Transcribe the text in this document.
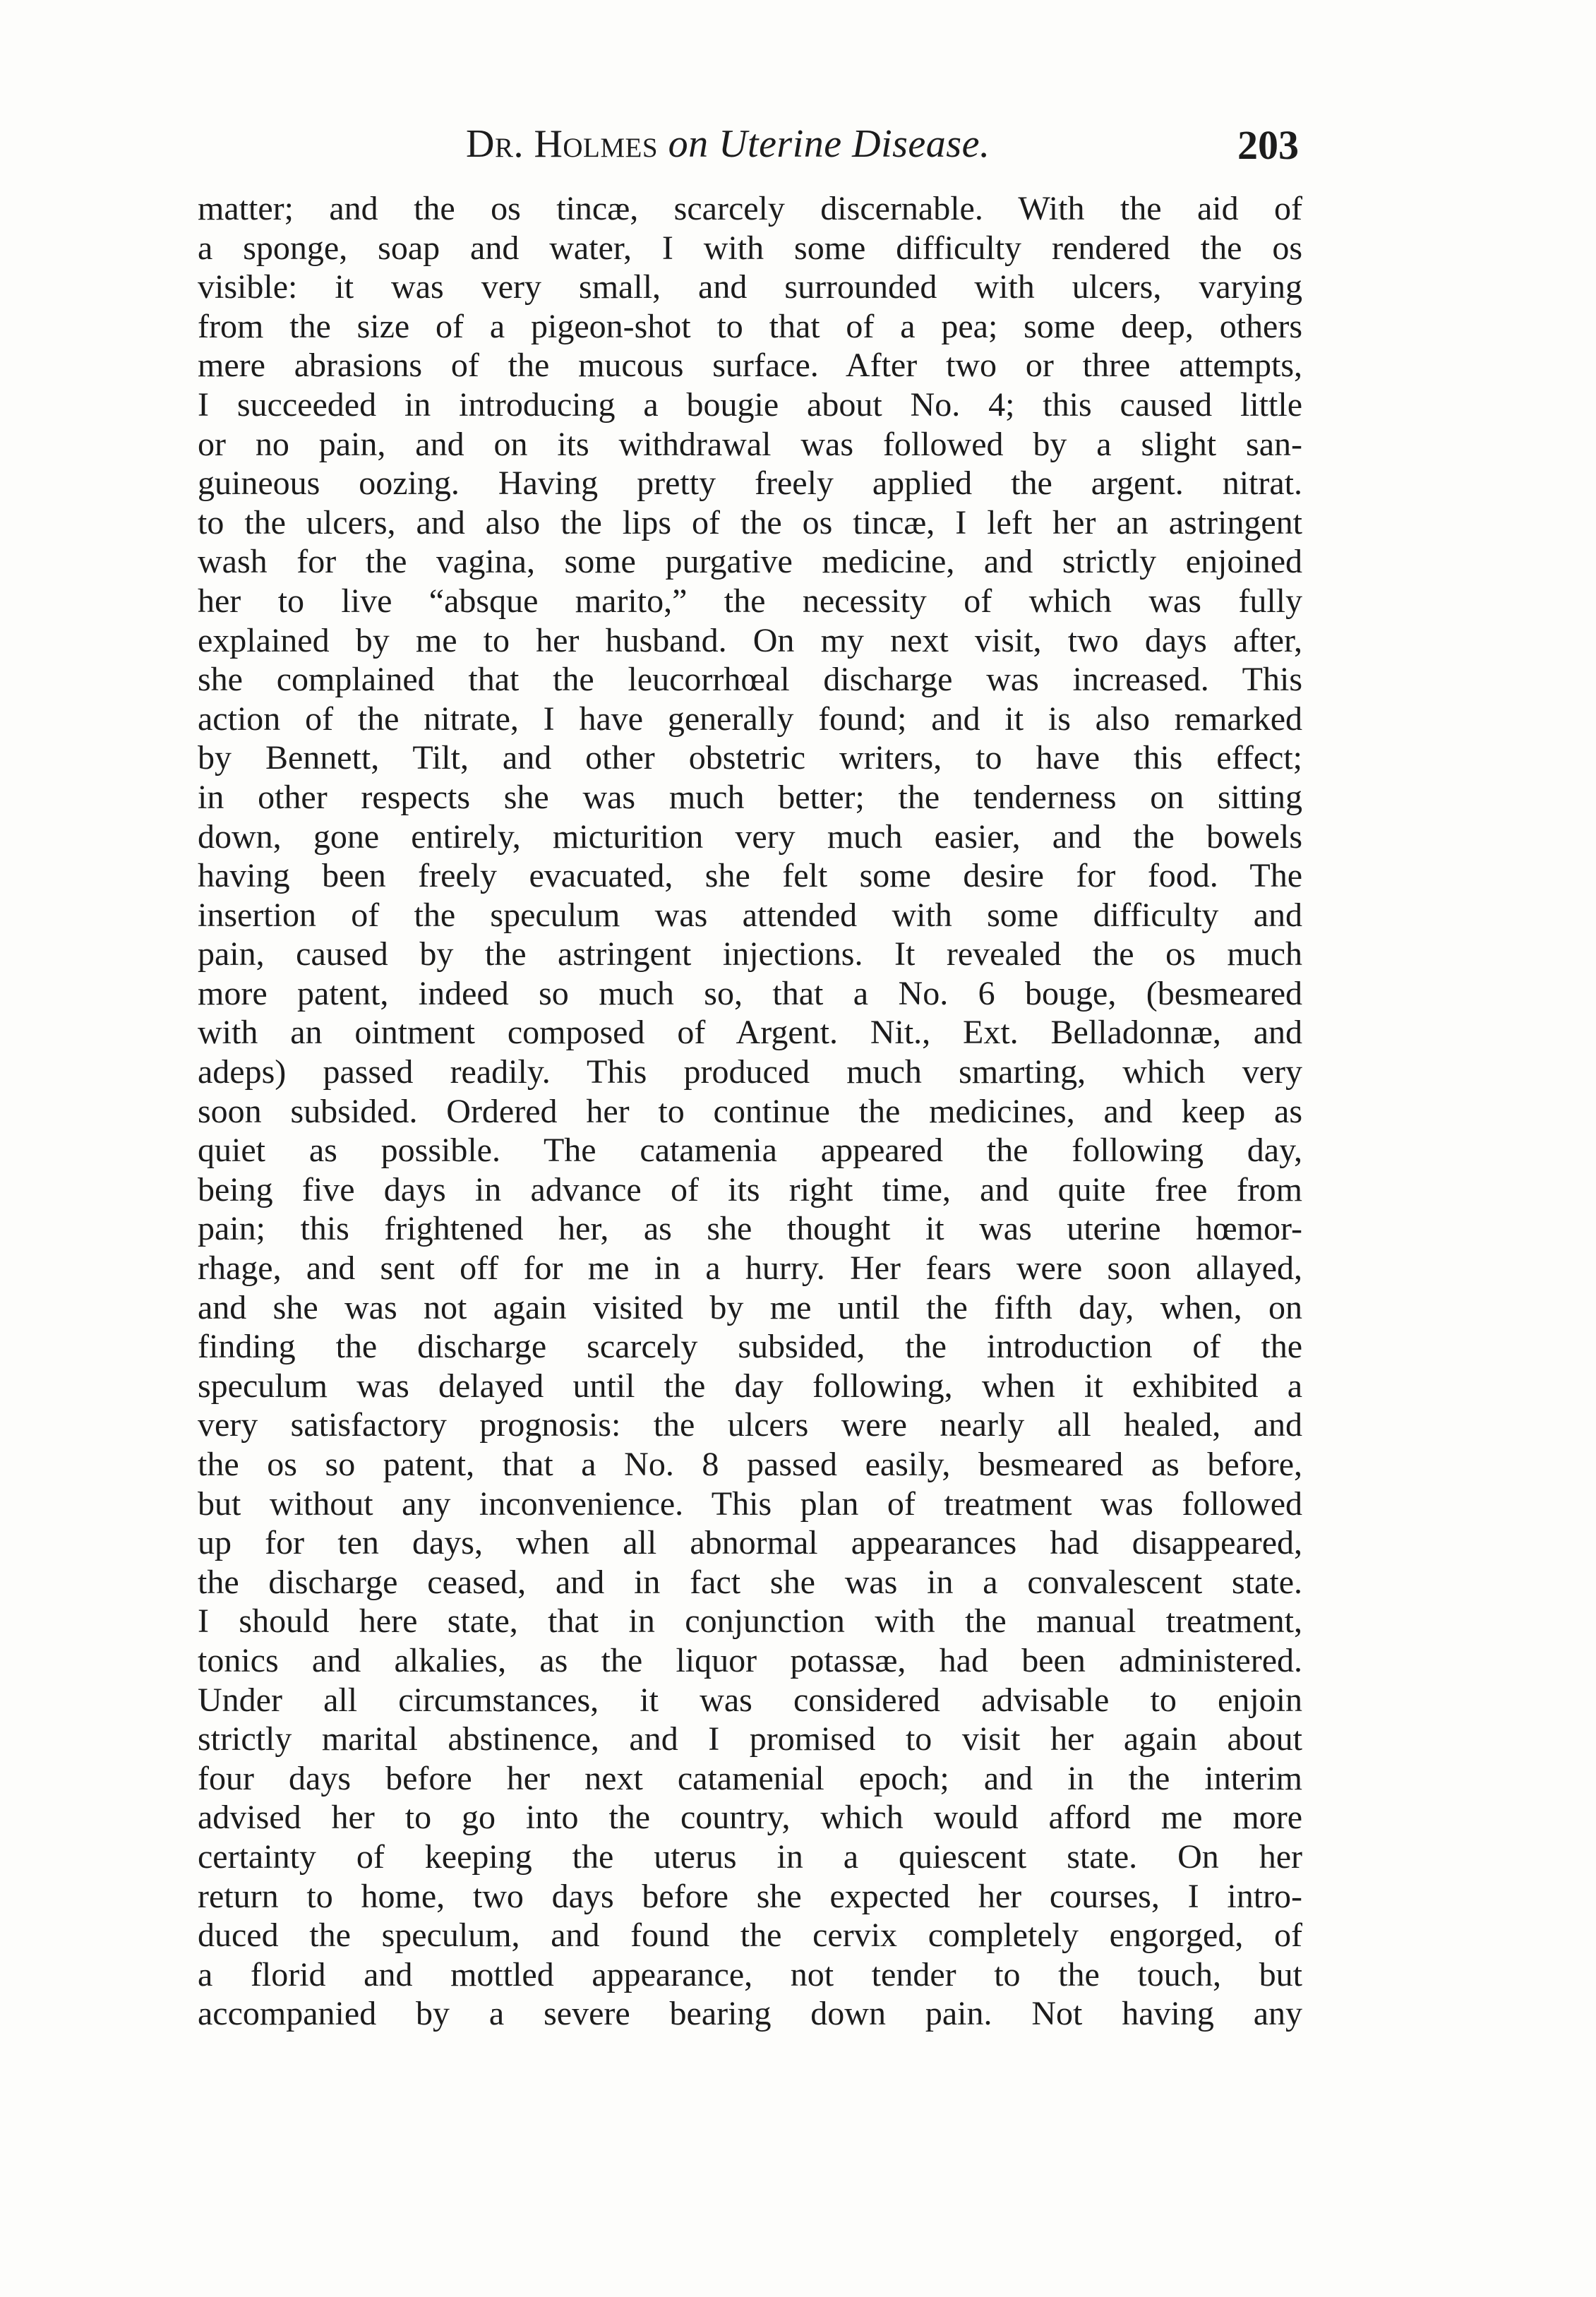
Dr. Holmes on Uterine Disease.	203
matter; and the os tincæ, scarcely discernable. With the aid of
a sponge, soap and water, I with some difficulty rendered the os
visible: it was very small, and surrounded with ulcers, varying
from the size of a pigeon-shot to that of a pea; some deep, others
mere abrasions of the mucous surface. After two or three attempts,
I succeeded in introducing a bougie about No. 4; this caused little
or no pain, and on its withdrawal was followed by a slight san-
guineous oozing. Having pretty freely applied the argent. nitrat.
to the ulcers, and also the lips of the os tincæ, I left her an astringent
wash for the vagina, some purgative medicine, and strictly enjoined
her to live “absque marito,” the necessity of which was fully
explained by me to her husband. On my next visit, two days after,
she complained that the leucorrhœal discharge was increased. This
action of the nitrate, I have generally found; and it is also remarked
by Bennett, Tilt, and other obstetric writers, to have this effect;
in other respects she was much better; the tenderness on sitting
down, gone entirely, micturition very much easier, and the bowels
having been freely evacuated, she felt some desire for food. The
insertion of the speculum was attended with some difficulty and
pain, caused by the astringent injections. It revealed the os much
more patent, indeed so much so, that a No. 6 bouge, (besmeared
with an ointment composed of Argent. Nit., Ext. Belladonnæ, and
adeps) passed readily. This produced much smarting, which very
soon subsided. Ordered her to continue the medicines, and keep as
quiet as possible. The catamenia appeared the following day,
being five days in advance of its right time, and quite free from
pain; this frightened her, as she thought it was uterine hœmor-
rhage, and sent off for me in a hurry. Her fears were soon allayed,
and she was not again visited by me until the fifth day, when, on
finding the discharge scarcely subsided, the introduction of the
speculum was delayed until the day following, when it exhibited a
very satisfactory prognosis: the ulcers were nearly all healed, and
the os so patent, that a No. 8 passed easily, besmeared as before,
but without any inconvenience. This plan of treatment was followed
up for ten days, when all abnormal appearances had disappeared,
the discharge ceased, and in fact she was in a convalescent state.
I should here state, that in conjunction with the manual treatment,
tonics and alkalies, as the liquor potassæ, had been administered.
Under all circumstances, it was considered advisable to enjoin
strictly marital abstinence, and I promised to visit her again about
four days before her next catamenial epoch; and in the interim
advised her to go into the country, which would afford me more
certainty of keeping the uterus in a quiescent state. On her
return to home, two days before she expected her courses, I intro-
duced the speculum, and found the cervix completely engorged, of
a florid and mottled appearance, not tender to the touch, but
accompanied by a severe bearing down pain. Not having any
